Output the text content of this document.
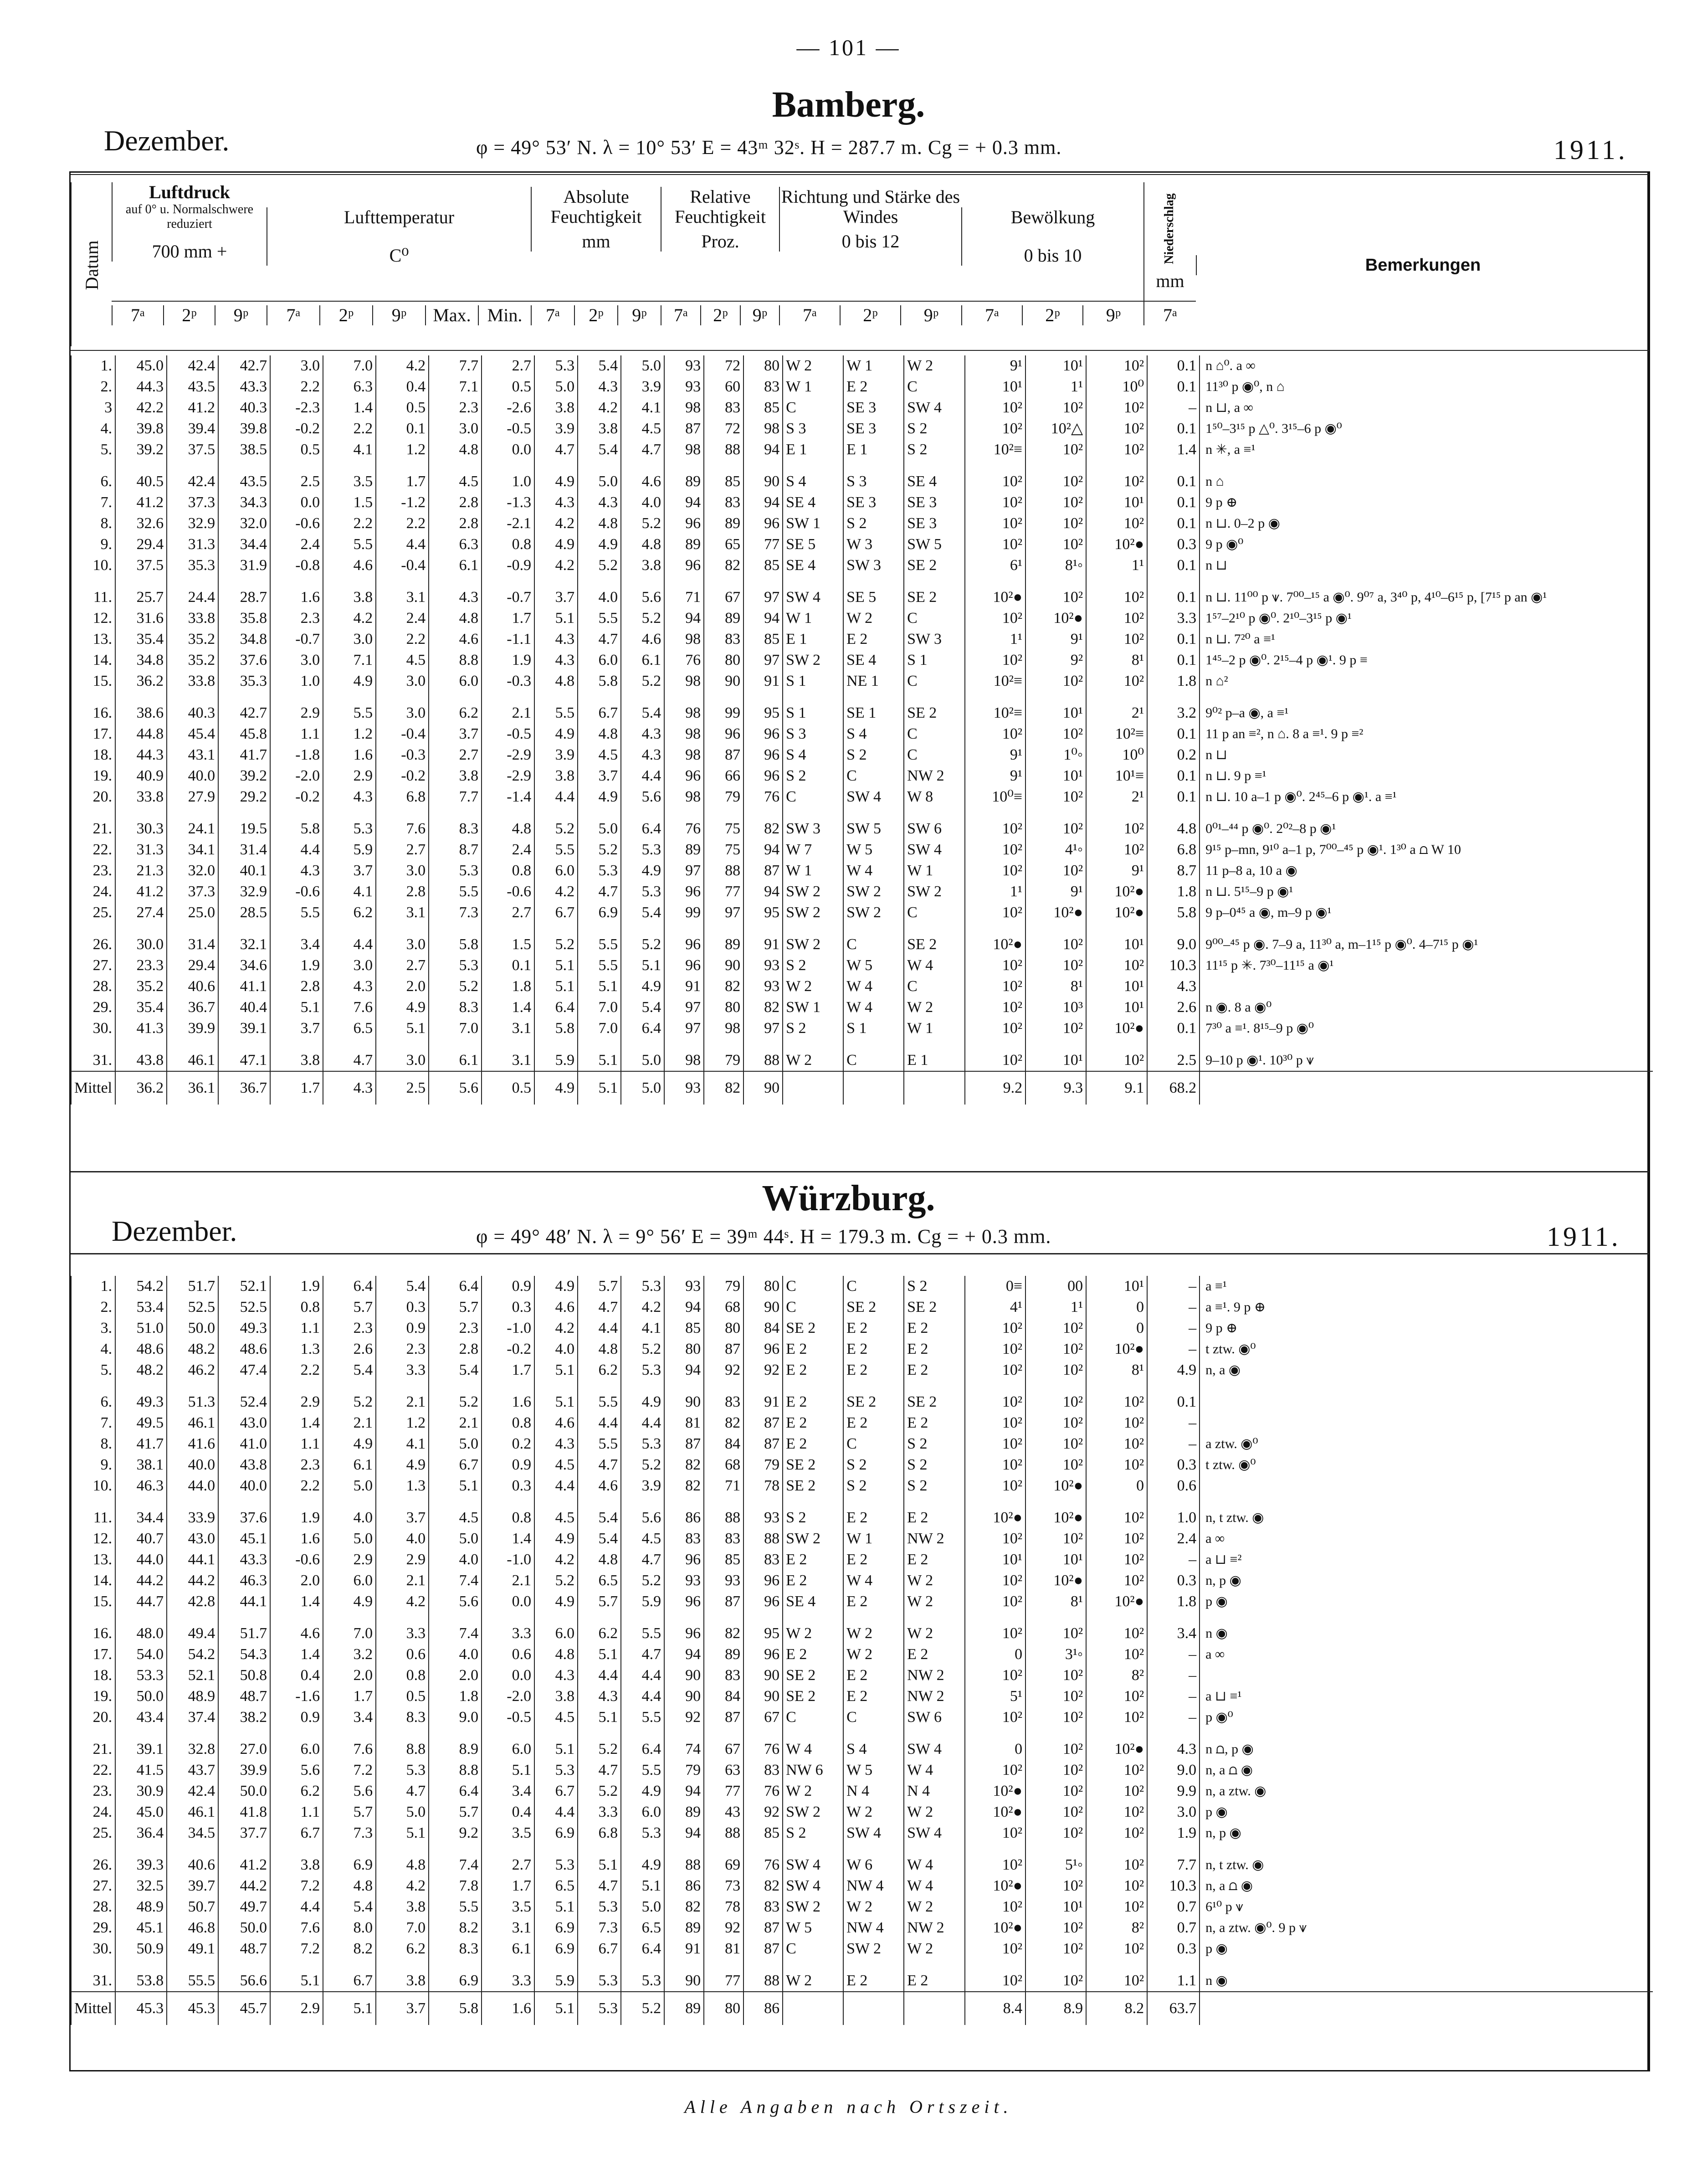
— 101 —
Bamberg.
Dezember.	φ = 49° 53′ N. λ = 10° 53′ E = 43ᵐ 32ˢ. H = 287.7 m. Cg = + 0.3 mm.	1911.
Datum
Luftdruck
auf 0° u. Normalschwere reduziert
700 mm +
Lufttemperatur
C⁰
Absolute Feuchtigkeit
mm
Relative Feuchtigkeit
Proz.
Richtung und Stärke des Windes
0 bis 12
Bewölkung
0 bis 10	Niederschlag
mm
Bemerkungen
7ᵃ	2ᵖ	9ᵖ	7ᵃ	2ᵖ	9ᵖ	Max. Min.	7ᵃ	2ᵖ	9ᵖ	7ᵃ	2ᵖ	9ᵖ	7ᵃ	2ᵖ	9ᵖ	7ᵃ	2ᵖ	9ᵖ	7ᵃ
1.	45.0	42.4	42.7	3.0	7.0	4.2	7.7	2.7	5.3	5.4	5.0	93	72	80	W 2	W 1	W 2	9¹	10¹	10²	0.1	n ⌂⁰. a ∞
2.	44.3	43.5	43.3	2.2	6.3	0.4	7.1	0.5	5.0	4.3	3.9	93	60	83	W 1	E 2	C	10¹	1¹	10⁰	0.1	11³⁰ p ◉⁰, n ⌂
3	42.2	41.2	40.3	-2.3	1.4	0.5	2.3	-2.6	3.8	4.2	4.1	98	83	85	C	SE 3	SW 4	10²	10²	10²	–	n ⊔, a ∞
4.	39.8	39.4	39.8	-0.2	2.2	0.1	3.0	-0.5	3.9	3.8	4.5	87	72	98	S 3	SE 3	S 2	10²	10²△	10²	0.1	1⁵⁰–3¹⁵ p △⁰. 3¹⁵–6 p ◉⁰
5.	39.2	37.5	38.5	0.5	4.1	1.2	4.8	0.0	4.7	5.4	4.7	98	88	94	E 1	E 1	S 2	10²≡	10²	10²	1.4	n ✳, a ≡¹
6.	40.5	42.4	43.5	2.5	3.5	1.7	4.5	1.0	4.9	5.0	4.6	89	85	90	S 4	S 3	SE 4	10²	10²	10²	0.1	n ⌂
7.	41.2	37.3	34.3	0.0	1.5	-1.2	2.8	-1.3	4.3	4.3	4.0	94	83	94	SE 4	SE 3	SE 3	10²	10²	10¹	0.1	9 p ⊕
8.	32.6	32.9	32.0	-0.6	2.2	2.2	2.8	-2.1	4.2	4.8	5.2	96	89	96	SW 1	S 2	SE 3	10²	10²	10²	0.1	n ⊔. 0–2 p ◉
9.	29.4	31.3	34.4	2.4	5.5	4.4	6.3	0.8	4.9	4.9	4.8	89	65	77	SE 5	W 3	SW 5	10²	10²	10²●	0.3	9 p ◉⁰
10.	37.5	35.3	31.9	-0.8	4.6	-0.4	6.1	-0.9	4.2	5.2	3.8	96	82	85	SE 4	SW 3	SE 2	6¹	8¹◦	1¹	0.1	n ⊔
11.	25.7	24.4	28.7	1.6	3.8	3.1	4.3	-0.7	3.7	4.0	5.6	71	67	97	SW 4	SE 5	SE 2	10²●	10²	10²	0.1	n ⊔. 11⁰⁰ p ⩛. 7⁰⁰–¹⁵ a ◉⁰. 9⁰⁷ a, 3⁴⁰ p, 4¹⁰–6¹⁵ p, [7¹⁵ p an ◉¹
12.	31.6	33.8	35.8	2.3	4.2	2.4	4.8	1.7	5.1	5.5	5.2	94	89	94	W 1	W 2	C	10²	10²●	10²	3.3	1⁵⁷–2¹⁰ p ◉⁰. 2¹⁰–3¹⁵ p ◉¹
13.	35.4	35.2	34.8	-0.7	3.0	2.2	4.6	-1.1	4.3	4.7	4.6	98	83	85	E 1	E 2	SW 3	1¹	9¹	10²	0.1	n ⊔. 7²⁰ a ≡¹
14.	34.8	35.2	37.6	3.0	7.1	4.5	8.8	1.9	4.3	6.0	6.1	76	80	97	SW 2	SE 4	S 1	10²	9²	8¹	0.1	1⁴⁵–2 p ◉⁰. 2¹⁵–4 p ◉¹. 9 p ≡
15.	36.2	33.8	35.3	1.0	4.9	3.0	6.0	-0.3	4.8	5.8	5.2	98	90	91	S 1	NE 1	C	10²≡	10²	10²	1.8	n ⌂²
16.	38.6	40.3	42.7	2.9	5.5	3.0	6.2	2.1	5.5	6.7	5.4	98	99	95	S 1	SE 1	SE 2	10²≡	10¹	2¹	3.2	9⁰² p–a ◉, a ≡¹
17.	44.8	45.4	45.8	1.1	1.2	-0.4	3.7	-0.5	4.9	4.8	4.3	98	96	96	S 3	S 4	C	10²	10²	10²≡	0.1	11 p an ≡², n ⌂. 8 a ≡¹. 9 p ≡²
18.	44.3	43.1	41.7	-1.8	1.6	-0.3	2.7	-2.9	3.9	4.5	4.3	98	87	96	S 4	S 2	C	9¹	1⁰◦	10⁰	0.2	n ⊔
19.	40.9	40.0	39.2	-2.0	2.9	-0.2	3.8	-2.9	3.8	3.7	4.4	96	66	96	S 2	C	NW 2	9¹	10¹	10¹≡	0.1	n ⊔. 9 p ≡¹
20.	33.8	27.9	29.2	-0.2	4.3	6.8	7.7	-1.4	4.4	4.9	5.6	98	79	76	C	SW 4	W 8	10⁰≡	10²	2¹	0.1	n ⊔. 10 a–1 p ◉⁰. 2⁴⁵–6 p ◉¹. a ≡¹
21.	30.3	24.1	19.5	5.8	5.3	7.6	8.3	4.8	5.2	5.0	6.4	76	75	82	SW 3	SW 5	SW 6	10²	10²	10²	4.8	0⁰¹–⁴⁴ p ◉⁰. 2⁰²–8 p ◉¹
22.	31.3	34.1	31.4	4.4	5.9	2.7	8.7	2.4	5.5	5.2	5.3	89	75	94	W 7	W 5	SW 4	10²	4¹◦	10²	6.8	9¹⁵ p–mn, 9¹⁰ a–1 p, 7⁰⁰–⁴⁵ p ◉¹. 1³⁰ a ⩍ W 10
23.	21.3	32.0	40.1	4.3	3.7	3.0	5.3	0.8	6.0	5.3	4.9	97	88	87	W 1	W 4	W 1	10²	10²	9¹	8.7	11 p–8 a, 10 a ◉
24.	41.2	37.3	32.9	-0.6	4.1	2.8	5.5	-0.6	4.2	4.7	5.3	96	77	94	SW 2	SW 2	SW 2	1¹	9¹	10²●	1.8	n ⊔. 5¹⁵–9 p ◉¹
25.	27.4	25.0	28.5	5.5	6.2	3.1	7.3	2.7	6.7	6.9	5.4	99	97	95	SW 2	SW 2	C	10²	10²●	10²●	5.8	9 p–0⁴⁵ a ◉, m–9 p ◉¹
26.	30.0	31.4	32.1	3.4	4.4	3.0	5.8	1.5	5.2	5.5	5.2	96	89	91	SW 2	C	SE 2	10²●	10²	10¹	9.0	9⁰⁰–⁴⁵ p ◉. 7–9 a, 11³⁰ a, m–1¹⁵ p ◉⁰. 4–7¹⁵ p ◉¹
27.	23.3	29.4	34.6	1.9	3.0	2.7	5.3	0.1	5.1	5.5	5.1	96	90	93	S 2	W 5	W 4	10²	10²	10²	10.3	11¹⁵ p ✳. 7³⁰–11¹⁵ a ◉¹
28.	35.2	40.6	41.1	2.8	4.3	2.0	5.2	1.8	5.1	5.1	4.9	91	82	93	W 2	W 4	C	10²	8¹	10¹	4.3	
29.	35.4	36.7	40.4	5.1	7.6	4.9	8.3	1.4	6.4	7.0	5.4	97	80	82	SW 1	W 4	W 2	10²	10³	10¹	2.6	n ◉. 8 a ◉⁰
30.	41.3	39.9	39.1	3.7	6.5	5.1	7.0	3.1	5.8	7.0	6.4	97	98	97	S 2	S 1	W 1	10²	10²	10²●	0.1	7³⁰ a ≡¹. 8¹⁵–9 p ◉⁰
31.	43.8	46.1	47.1	3.8	4.7	3.0	6.1	3.1	5.9	5.1	5.0	98	79	88	W 2	C	E 1	10²	10¹	10²	2.5	9–10 p ◉¹. 10³⁰ p ⩛
Mittel	36.2	36.1	36.7	1.7	4.3	2.5	5.6	0.5	4.9	5.1	5.0	93	82	90				9.2	9.3	9.1	68.2	
Würzburg.
Dezember.	φ = 49° 48′ N. λ = 9° 56′ E = 39ᵐ 44ˢ. H = 179.3 m. Cg = + 0.3 mm.	1911.
1.	54.2	51.7	52.1	1.9	6.4	5.4	6.4	0.9	4.9	5.7	5.3	93	79	80	C	C	S 2	0≡	00	10¹	–	a ≡¹
2.	53.4	52.5	52.5	0.8	5.7	0.3	5.7	0.3	4.6	4.7	4.2	94	68	90	C	SE 2	SE 2	4¹	1¹	0	–	a ≡¹. 9 p ⊕
3.	51.0	50.0	49.3	1.1	2.3	0.9	2.3	-1.0	4.2	4.4	4.1	85	80	84	SE 2	E 2	E 2	10²	10²	0	–	9 p ⊕
4.	48.6	48.2	48.6	1.3	2.6	2.3	2.8	-0.2	4.0	4.8	5.2	80	87	96	E 2	E 2	E 2	10²	10²	10²●	–	t ztw. ◉⁰
5.	48.2	46.2	47.4	2.2	5.4	3.3	5.4	1.7	5.1	6.2	5.3	94	92	92	E 2	E 2	E 2	10²	10²	8¹	4.9	n, a ◉
6.	49.3	51.3	52.4	2.9	5.2	2.1	5.2	1.6	5.1	5.5	4.9	90	83	91	E 2	SE 2	SE 2	10²	10²	10²	0.1	
7.	49.5	46.1	43.0	1.4	2.1	1.2	2.1	0.8	4.6	4.4	4.4	81	82	87	E 2	E 2	E 2	10²	10²	10²	–	
8.	41.7	41.6	41.0	1.1	4.9	4.1	5.0	0.2	4.3	5.5	5.3	87	84	87	E 2	C	S 2	10²	10²	10²	–	a ztw. ◉⁰
9.	38.1	40.0	43.8	2.3	6.1	4.9	6.7	0.9	4.5	4.7	5.2	82	68	79	SE 2	S 2	S 2	10²	10²	10²	0.3	t ztw. ◉⁰
10.	46.3	44.0	40.0	2.2	5.0	1.3	5.1	0.3	4.4	4.6	3.9	82	71	78	SE 2	S 2	S 2	10²	10²●	0	0.6	
11.	34.4	33.9	37.6	1.9	4.0	3.7	4.5	0.8	4.5	5.4	5.6	86	88	93	S 2	E 2	E 2	10²●	10²●	10²	1.0	n, t ztw. ◉
12.	40.7	43.0	45.1	1.6	5.0	4.0	5.0	1.4	4.9	5.4	4.5	83	83	88	SW 2	W 1	NW 2	10²	10²	10²	2.4	a ∞
13.	44.0	44.1	43.3	-0.6	2.9	2.9	4.0	-1.0	4.2	4.8	4.7	96	85	83	E 2	E 2	E 2	10¹	10¹	10²	–	a ⊔ ≡²
14.	44.2	44.2	46.3	2.0	6.0	2.1	7.4	2.1	5.2	6.5	5.2	93	93	96	E 2	W 4	W 2	10²	10²●	10²	0.3	n, p ◉
15.	44.7	42.8	44.1	1.4	4.9	4.2	5.6	0.0	4.9	5.7	5.9	96	87	96	SE 4	E 2	W 2	10²	8¹	10²●	1.8	p ◉
16.	48.0	49.4	51.7	4.6	7.0	3.3	7.4	3.3	6.0	6.2	5.5	96	82	95	W 2	W 2	W 2	10²	10²	10²	3.4	n ◉
17.	54.0	54.2	54.3	1.4	3.2	0.6	4.0	0.6	4.8	5.1	4.7	94	89	96	E 2	W 2	E 2	0	3¹◦	10²	–	a ∞
18.	53.3	52.1	50.8	0.4	2.0	0.8	2.0	0.0	4.3	4.4	4.4	90	83	90	SE 2	E 2	NW 2	10²	10²	8²	–	
19.	50.0	48.9	48.7	-1.6	1.7	0.5	1.8	-2.0	3.8	4.3	4.4	90	84	90	SE 2	E 2	NW 2	5¹	10²	10²	–	a ⊔ ≡¹
20.	43.4	37.4	38.2	0.9	3.4	8.3	9.0	-0.5	4.5	5.1	5.5	92	87	67	C	C	SW 6	10²	10²	10²	–	p ◉⁰
21.	39.1	32.8	27.0	6.0	7.6	8.8	8.9	6.0	5.1	5.2	6.4	74	67	76	W 4	S 4	SW 4	0	10²	10²●	4.3	n ⩍, p ◉
22.	41.5	43.7	39.9	5.6	7.2	5.3	8.8	5.1	5.3	4.7	5.5	79	63	83	NW 6	W 5	W 4	10²	10²	10²	9.0	n, a ⩍ ◉
23.	30.9	42.4	50.0	6.2	5.6	4.7	6.4	3.4	6.7	5.2	4.9	94	77	76	W 2	N 4	N 4	10²●	10²	10²	9.9	n, a ztw. ◉
24.	45.0	46.1	41.8	1.1	5.7	5.0	5.7	0.4	4.4	3.3	6.0	89	43	92	SW 2	W 2	W 2	10²●	10²	10²	3.0	p ◉
25.	36.4	34.5	37.7	6.7	7.3	5.1	9.2	3.5	6.9	6.8	5.3	94	88	85	S 2	SW 4	SW 4	10²	10²	10²	1.9	n, p ◉
26.	39.3	40.6	41.2	3.8	6.9	4.8	7.4	2.7	5.3	5.1	4.9	88	69	76	SW 4	W 6	W 4	10²	5¹◦	10²	7.7	n, t ztw. ◉
27.	32.5	39.7	44.2	7.2	4.8	4.2	7.8	1.7	6.5	4.7	5.1	86	73	82	SW 4	NW 4	W 4	10²●	10²	10²	10.3	n, a ⩍ ◉
28.	48.9	50.7	49.7	4.4	5.4	3.8	5.5	3.5	5.1	5.3	5.0	82	78	83	SW 2	W 2	W 2	10²	10¹	10²	0.7	6¹⁰ p ⩛
29.	45.1	46.8	50.0	7.6	8.0	7.0	8.2	3.1	6.9	7.3	6.5	89	92	87	W 5	NW 4	NW 2	10²●	10²	8²	0.7	n, a ztw. ◉⁰. 9 p ⩛
30.	50.9	49.1	48.7	7.2	8.2	6.2	8.3	6.1	6.9	6.7	6.4	91	81	87	C	SW 2	W 2	10²	10²	10²	0.3	p ◉
31.	53.8	55.5	56.6	5.1	6.7	3.8	6.9	3.3	5.9	5.3	5.3	90	77	88	W 2	E 2	E 2	10²	10²	10²	1.1	n ◉
Mittel	45.3	45.3	45.7	2.9	5.1	3.7	5.8	1.6	5.1	5.3	5.2	89	80	86				8.4	8.9	8.2	63.7	
Alle Angaben nach Ortszeit.
